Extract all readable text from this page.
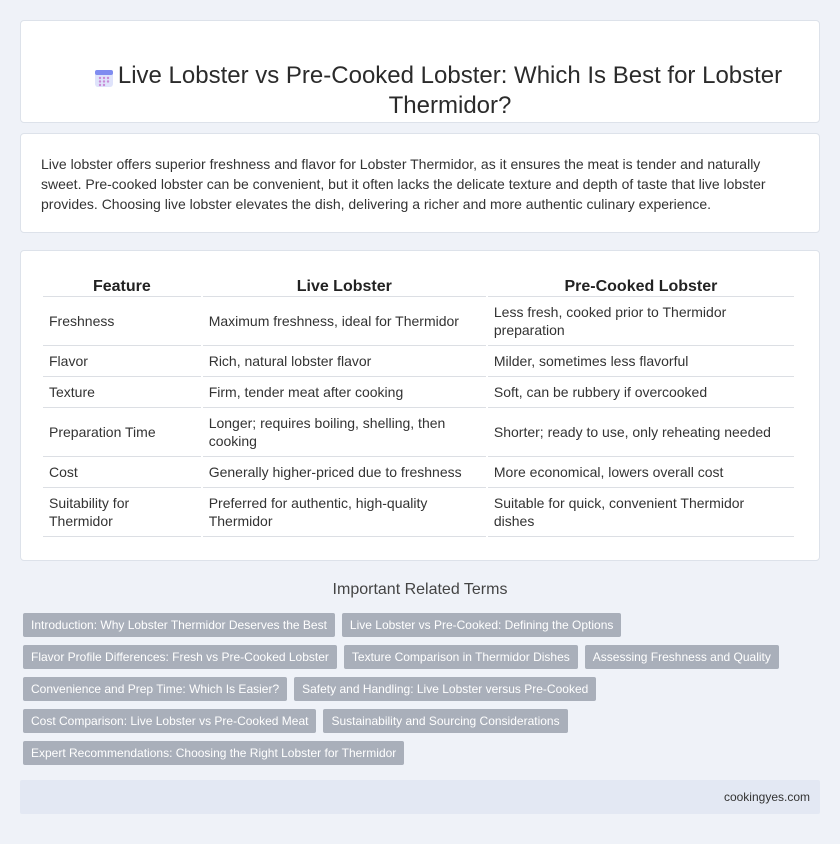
Live Lobster vs Pre-Cooked Lobster: Which Is Best for Lobster Thermidor?

Live lobster offers superior freshness and flavor for Lobster Thermidor, as it ensures the meat is tender and naturally sweet. Pre-cooked lobster can be convenient, but it often lacks the delicate texture and depth of taste that live lobster provides. Choosing live lobster elevates the dish, delivering a richer and more authentic culinary experience.

Feature	Live Lobster	Pre-Cooked Lobster
Freshness	Maximum freshness, ideal for Thermidor	Less fresh, cooked prior to Thermidor preparation
Flavor	Rich, natural lobster flavor	Milder, sometimes less flavorful
Texture	Firm, tender meat after cooking	Soft, can be rubbery if overcooked
Preparation Time	Longer; requires boiling, shelling, then cooking	Shorter; ready to use, only reheating needed
Cost	Generally higher-priced due to freshness	More economical, lowers overall cost
Suitability for Thermidor	Preferred for authentic, high-quality Thermidor	Suitable for quick, convenient Thermidor dishes
Important Related Terms
Introduction: Why Lobster Thermidor Deserves the Best	Live Lobster vs Pre-Cooked: Defining the Options
Flavor Profile Differences: Fresh vs Pre-Cooked Lobster	Texture Comparison in Thermidor Dishes	Assessing Freshness and Quality
Convenience and Prep Time: Which Is Easier?	Safety and Handling: Live Lobster versus Pre-Cooked
Cost Comparison: Live Lobster vs Pre-Cooked Meat	Sustainability and Sourcing Considerations
Expert Recommendations: Choosing the Right Lobster for Thermidor
cookingyes.com
